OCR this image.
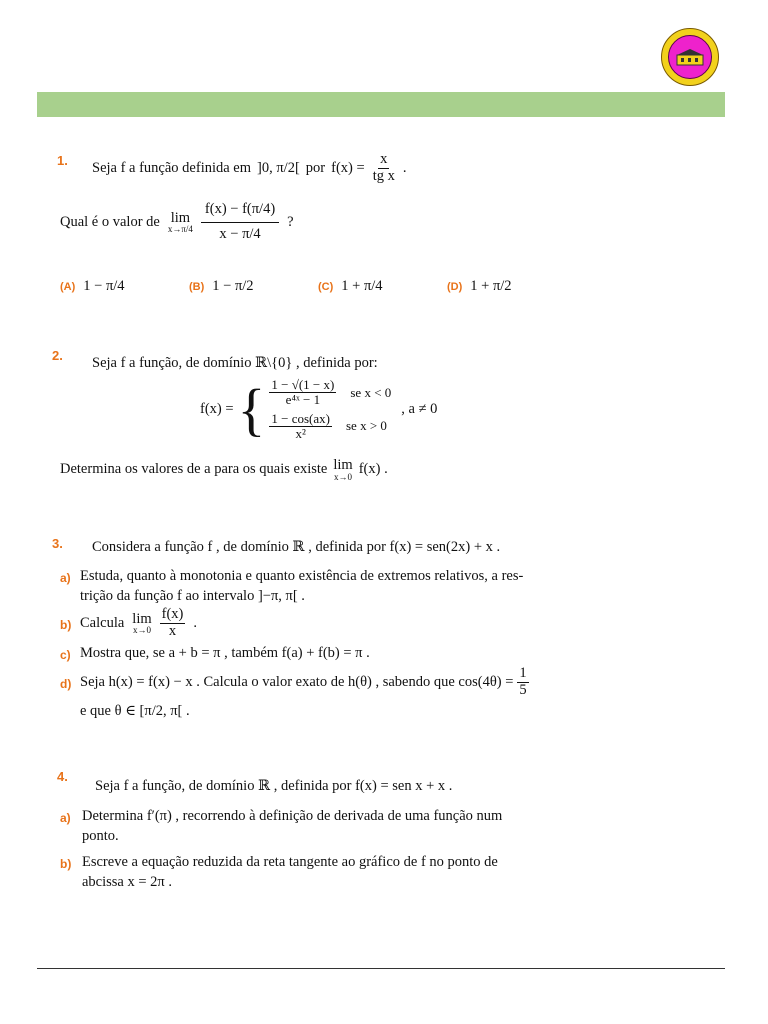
1. Seja f a função definida em ]0, π/2[ por $f(x) = \frac{x}{\text{tg x}}$ .
Qual é o valor de lim
$x\to\pi/4 \frac{f(x) - f(\pi/4)}{x - \pi/4}$ ?
(A) 1 − π/4	(B) 1 − π/2	(C) 1 + π/4	(D) 1 + π/2
2. Seja f a função, de domínio ℝ\{0} , definida por:
f(x) = { $\frac{1 - √(1 - x)}{\text{e⁴ˣ − 1}}$ se x < 0
$\frac{1 - \cos(ax)}{\text{x²}}$ se x > 0
, a ≠ 0
Determina os valores de a para os quais existe lim
x→0 f(x) .
3. Considera a função f , de domínio ℝ , definida por f(x) = sen(2x) + x .
a) Estuda, quanto à monotonia e quanto existência de extremos relativos, a res-
trição da função f ao intervalo ]−π, π[ .
b) Calcula lim
$x\to 0 \frac{f(x)}{x}$ .
c) Mostra que, se a + b = π , também f(a) + f(b) = π .
d) Seja h(x) = f(x) − x . Calcula o valor exato de h(θ) , sabendo que $\cos(4\theta) = \frac{1}{5}$
e que θ ∈ [π/2, π[ .
4.
Seja f a função, de domínio ℝ , definida por f(x) = sen x + x .
a) Determina f′(π) , recorrendo à definição de derivada de uma função num
ponto.
b) Escreve a equação reduzida da reta tangente ao gráfico de f no ponto de
abcissa x = 2π .
